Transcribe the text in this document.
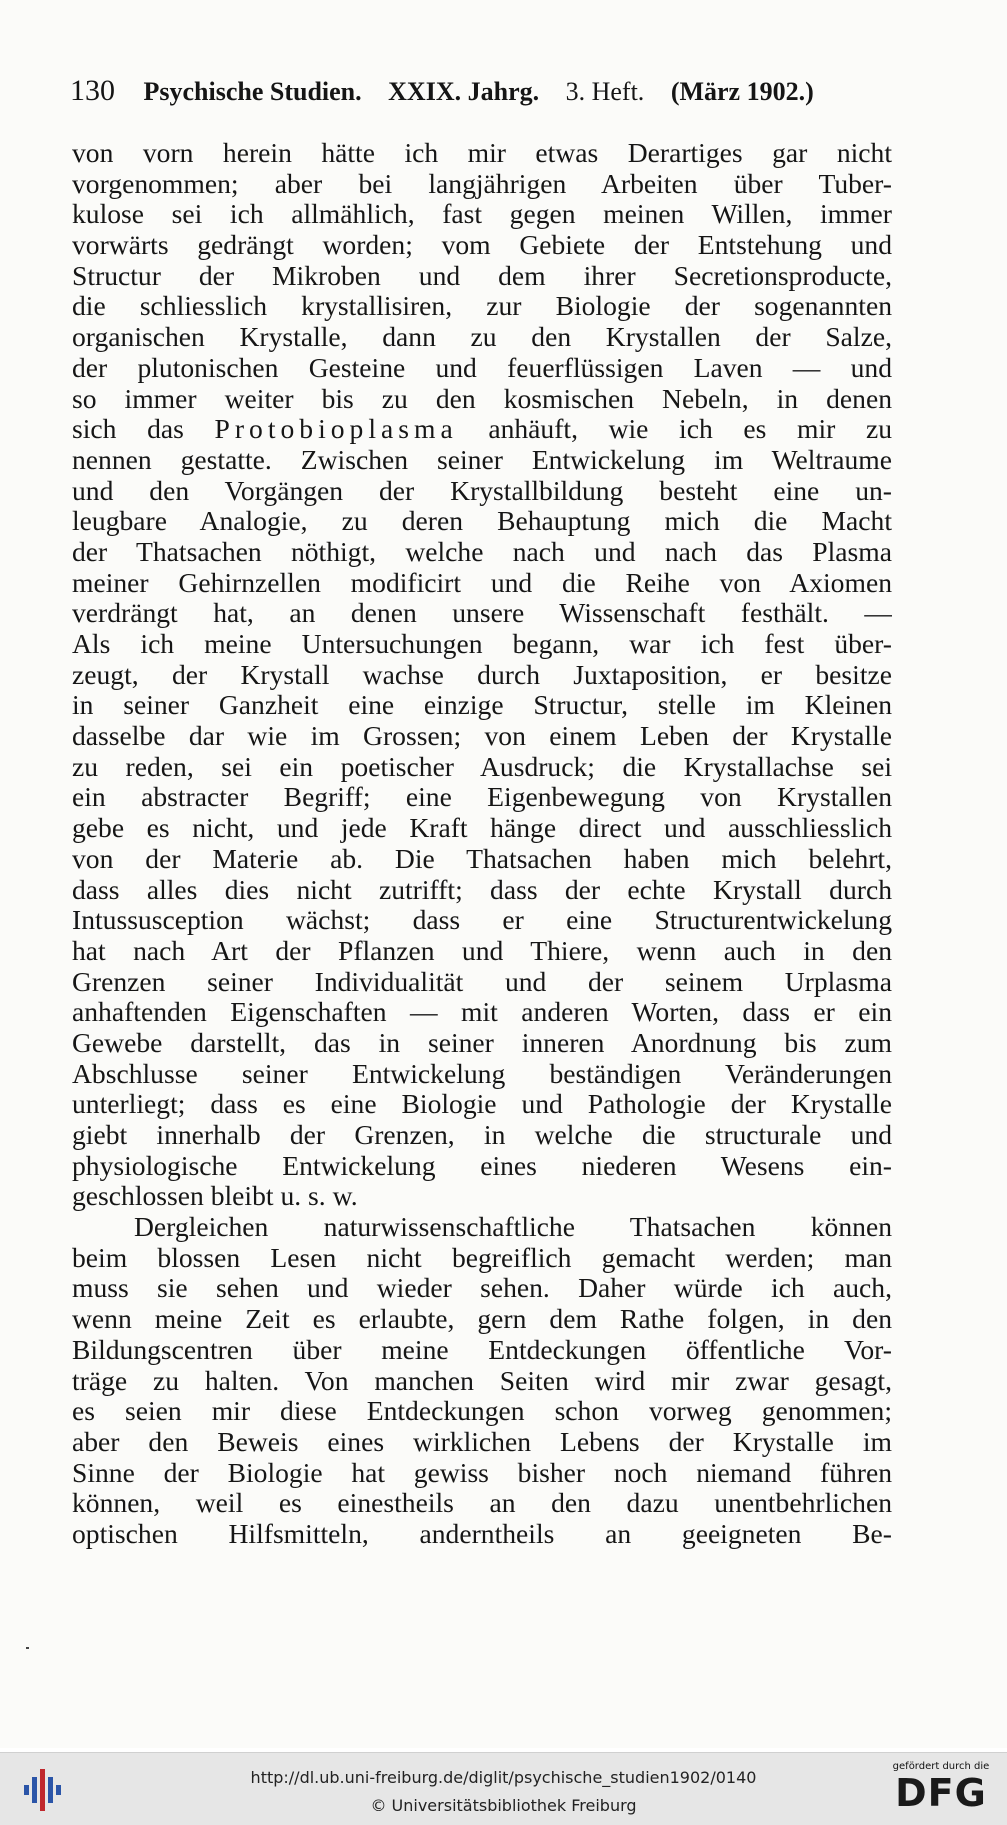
130 Psychische Studien. XXIX. Jahrg. 3. Heft. (März 1902.)
von vorn herein hätte ich mir etwas Derartiges gar nicht
vorgenommen; aber bei langjährigen Arbeiten über Tuber-
kulose sei ich allmählich, fast gegen meinen Willen, immer
vorwärts gedrängt worden; vom Gebiete der Entstehung und
Structur der Mikroben und dem ihrer Secretionsproducte,
die schliesslich krystallisiren, zur Biologie der sogenannten
organischen Krystalle, dann zu den Krystallen der Salze,
der plutonischen Gesteine und feuerflüssigen Laven — und
so immer weiter bis zu den kosmischen Nebeln, in denen
sich das Protobioplasma anhäuft, wie ich es mir zu
nennen gestatte. Zwischen seiner Entwickelung im Weltraume
und den Vorgängen der Krystallbildung besteht eine un-
leugbare Analogie, zu deren Behauptung mich die Macht
der Thatsachen nöthigt, welche nach und nach das Plasma
meiner Gehirnzellen modificirt und die Reihe von Axiomen
verdrängt hat, an denen unsere Wissenschaft festhält. —
Als ich meine Untersuchungen begann, war ich fest über-
zeugt, der Krystall wachse durch Juxtaposition, er besitze
in seiner Ganzheit eine einzige Structur, stelle im Kleinen
dasselbe dar wie im Grossen; von einem Leben der Krystalle
zu reden, sei ein poetischer Ausdruck; die Krystallachse sei
ein abstracter Begriff; eine Eigenbewegung von Krystallen
gebe es nicht, und jede Kraft hänge direct und ausschliesslich
von der Materie ab. Die Thatsachen haben mich belehrt,
dass alles dies nicht zutrifft; dass der echte Krystall durch
Intussusception wächst; dass er eine Structurentwickelung
hat nach Art der Pflanzen und Thiere, wenn auch in den
Grenzen seiner Individualität und der seinem Urplasma
anhaftenden Eigenschaften — mit anderen Worten, dass er ein
Gewebe darstellt, das in seiner inneren Anordnung bis zum
Abschlusse seiner Entwickelung beständigen Veränderungen
unterliegt; dass es eine Biologie und Pathologie der Krystalle
giebt innerhalb der Grenzen, in welche die structurale und
physiologische Entwickelung eines niederen Wesens ein-
geschlossen bleibt u. s. w.
Dergleichen naturwissenschaftliche Thatsachen können
beim blossen Lesen nicht begreiflich gemacht werden; man
muss sie sehen und wieder sehen. Daher würde ich auch,
wenn meine Zeit es erlaubte, gern dem Rathe folgen, in den
Bildungscentren über meine Entdeckungen öffentliche Vor-
träge zu halten. Von manchen Seiten wird mir zwar gesagt,
es seien mir diese Entdeckungen schon vorweg genommen;
aber den Beweis eines wirklichen Lebens der Krystalle im
Sinne der Biologie hat gewiss bisher noch niemand führen
können, weil es einestheils an den dazu unentbehrlichen
optischen Hilfsmitteln, anderntheils an geeigneten Be-
http://dl.ub.uni-freiburg.de/diglit/psychische_studien1902/0140
© Universitätsbibliothek Freiburg
gefördert durch die
DFG
